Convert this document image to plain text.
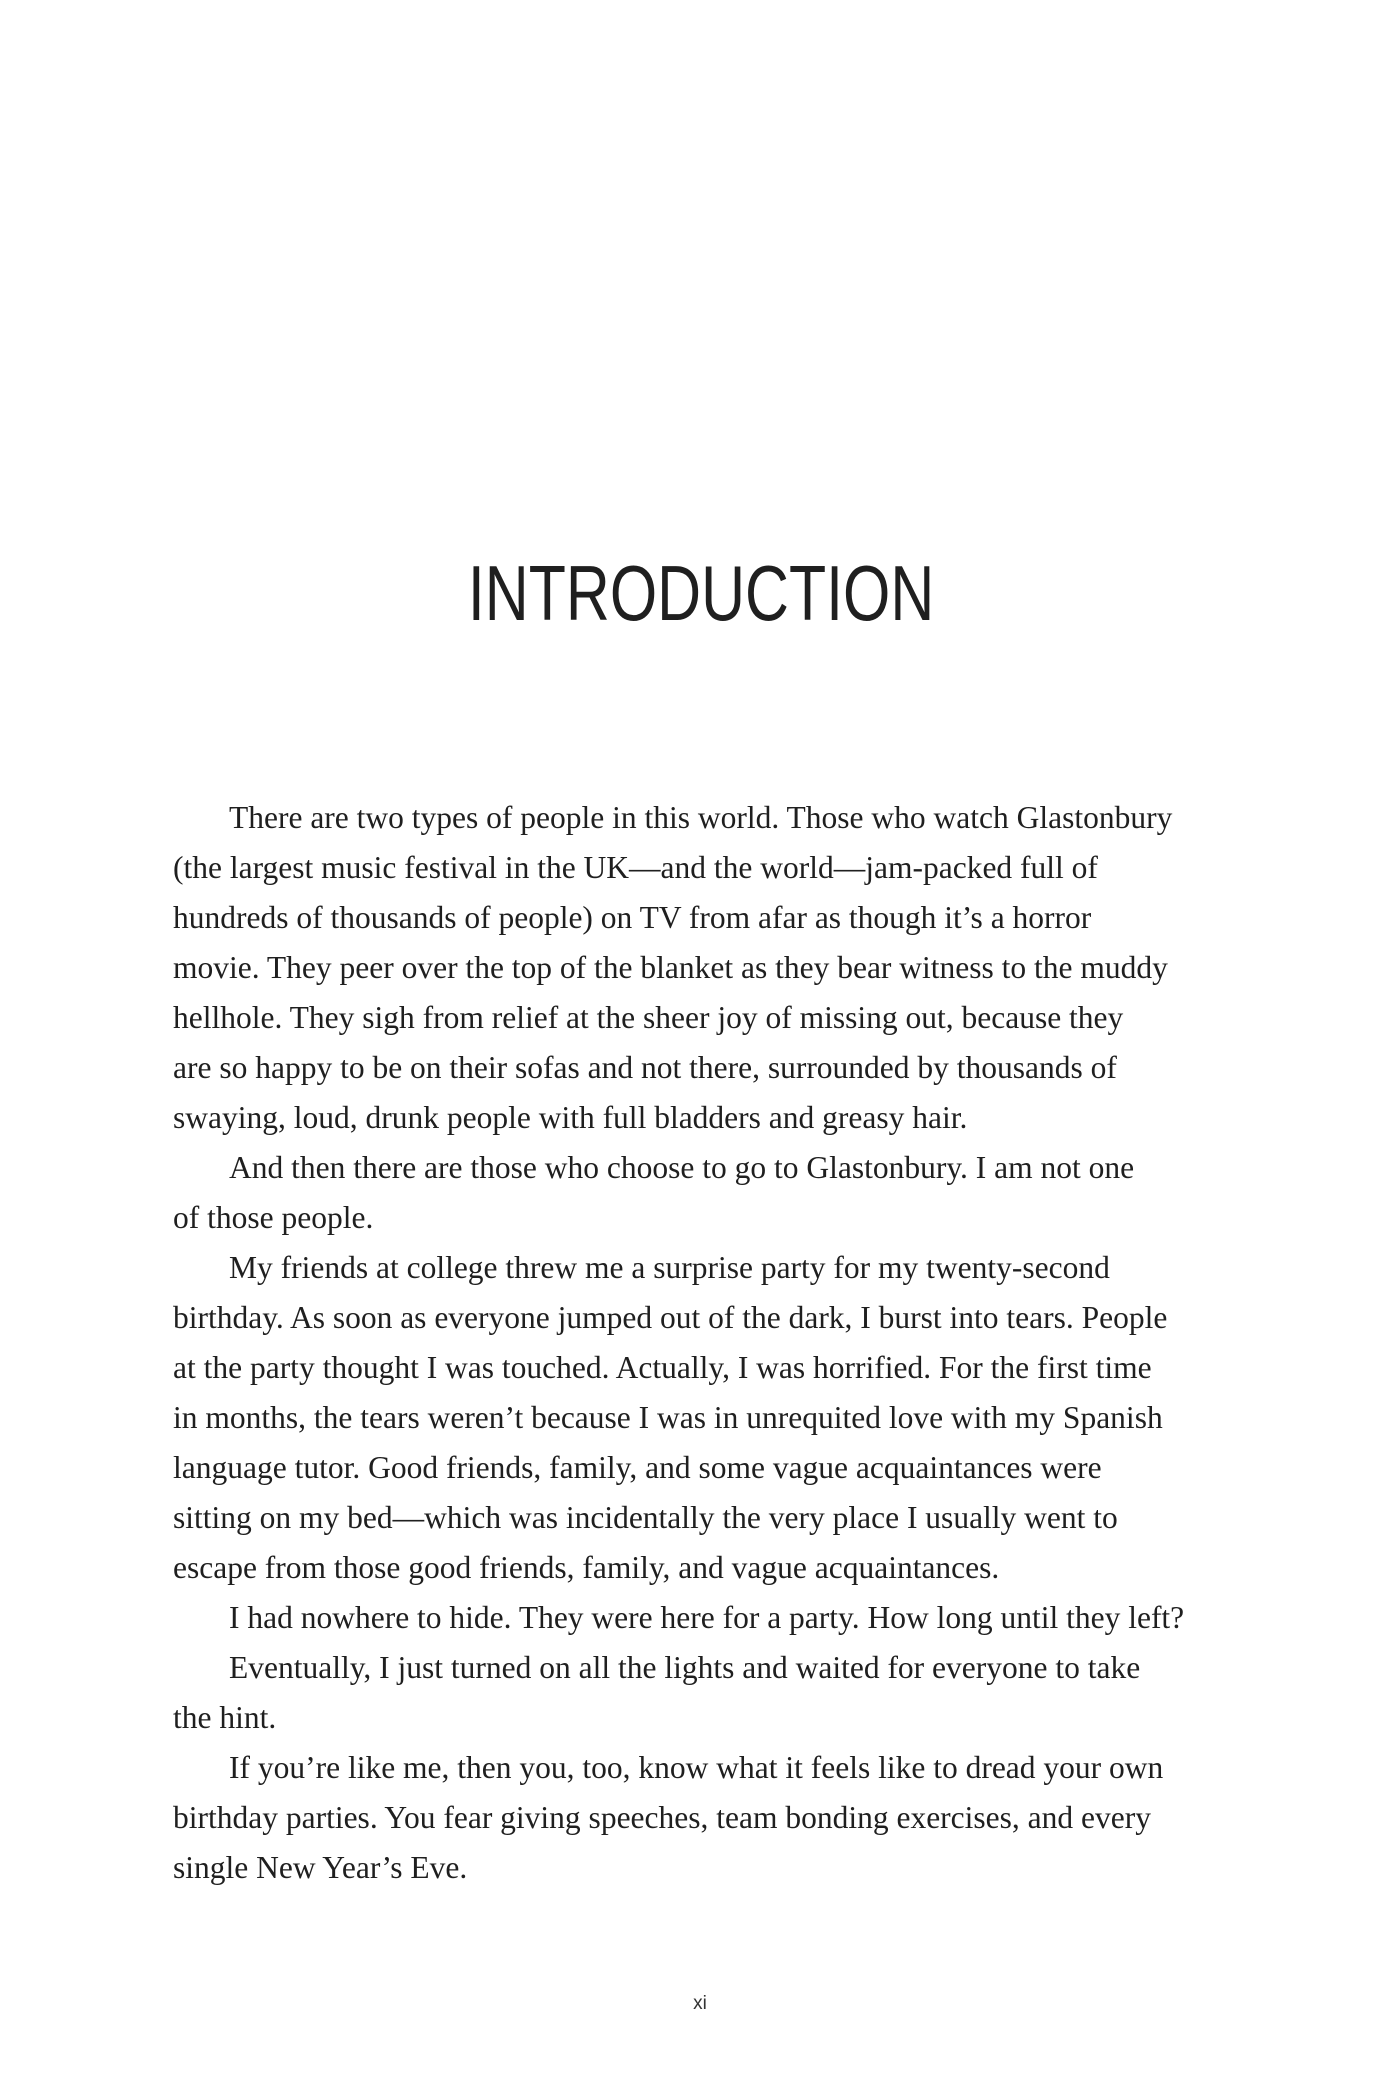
INTRODUCTION
There are two types of people in this world. Those who watch Glastonbury
(the largest music festival in the UK—and the world—jam-packed full of
hundreds of thousands of people) on TV from afar as though it’s a horror
movie. They peer over the top of the blanket as they bear witness to the muddy
hellhole. They sigh from relief at the sheer joy of missing out, because they
are so happy to be on their sofas and not there, surrounded by thousands of
swaying, loud, drunk people with full bladders and greasy hair.
And then there are those who choose to go to Glastonbury. I am not one
of those people.
My friends at college threw me a surprise party for my twenty-second
birthday. As soon as everyone jumped out of the dark, I burst into tears. People
at the party thought I was touched. Actually, I was horrified. For the first time
in months, the tears weren’t because I was in unrequited love with my Spanish
language tutor. Good friends, family, and some vague acquaintances were
sitting on my bed—which was incidentally the very place I usually went to
escape from those good friends, family, and vague acquaintances.
I had nowhere to hide. They were here for a party. How long until they left?
Eventually, I just turned on all the lights and waited for everyone to take
the hint.
If you’re like me, then you, too, know what it feels like to dread your own
birthday parties. You fear giving speeches, team bonding exercises, and every
single New Year’s Eve.
xi
